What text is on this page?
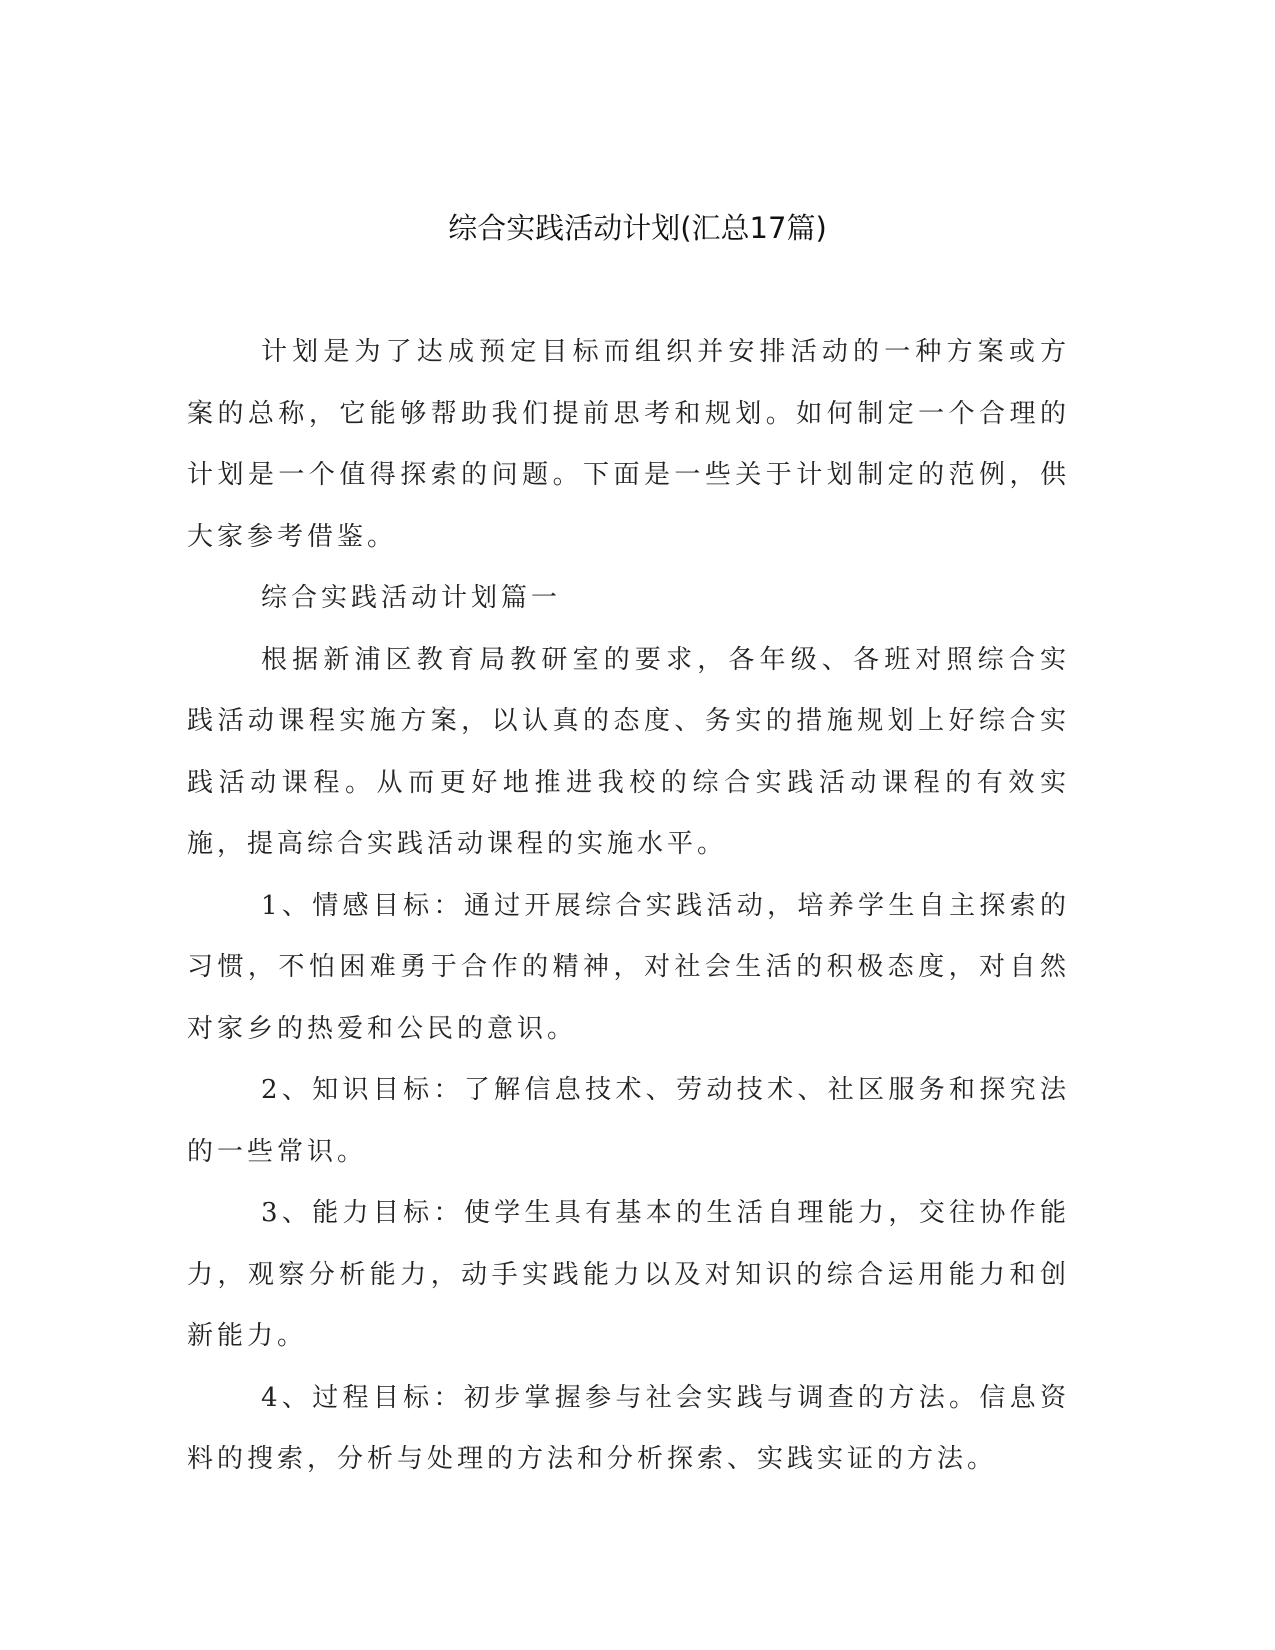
综合实践活动计划(汇总17篇)

计划是为了达成预定目标而组织并安排活动的一种方案或方案的总称，它能够帮助我们提前思考和规划。如何制定一个合理的计划是一个值得探索的问题。下面是一些关于计划制定的范例，供大家参考借鉴。

综合实践活动计划篇一

根据新浦区教育局教研室的要求，各年级、各班对照综合实践活动课程实施方案，以认真的态度、务实的措施规划上好综合实践活动课程。从而更好地推进我校的综合实践活动课程的有效实施，提高综合实践活动课程的实施水平。

1、情感目标：通过开展综合实践活动，培养学生自主探索的习惯，不怕困难勇于合作的精神，对社会生活的积极态度，对自然对家乡的热爱和公民的意识。

2、知识目标：了解信息技术、劳动技术、社区服务和探究法的一些常识。

3、能力目标：使学生具有基本的生活自理能力，交往协作能力，观察分析能力，动手实践能力以及对知识的综合运用能力和创新能力。

4、过程目标：初步掌握参与社会实践与调查的方法。信息资料的搜索，分析与处理的方法和分析探索、实践实证的方法。
